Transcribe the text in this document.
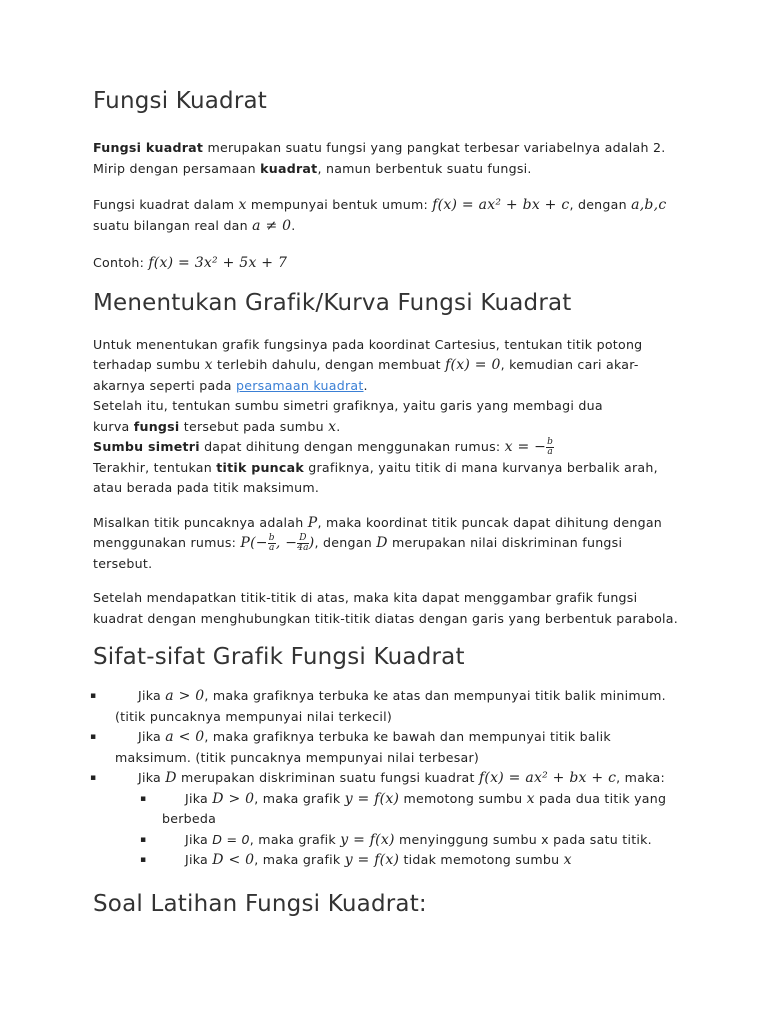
Fungsi Kuadrat

Fungsi kuadrat merupakan suatu fungsi yang pangkat terbesar variabelnya adalah 2.
Mirip dengan persamaan kuadrat, namun berbentuk suatu fungsi.

Fungsi kuadrat dalam x mempunyai bentuk umum: f(x) = ax² + bx + c, dengan a,b,c
suatu bilangan real dan a ≠ 0.

Contoh: f(x) = 3x² + 5x + 7

Menentukan Grafik/Kurva Fungsi Kuadrat

Untuk menentukan grafik fungsinya pada koordinat Cartesius, tentukan titik potong
terhadap sumbu x terlebih dahulu, dengan membuat f(x) = 0, kemudian cari akar-
akarnya seperti pada persamaan kuadrat.
Setelah itu, tentukan sumbu simetri grafiknya, yaitu garis yang membagi dua
kurva fungsi tersebut pada sumbu x.
Sumbu simetri dapat dihitung dengan menggunakan rumus: x = − $\frac{b}{a}$

Terakhir, tentukan titik puncak grafiknya, yaitu titik di mana kurvanya berbalik arah,
atau berada pada titik maksimum.

Misalkan titik puncaknya adalah P, maka koordinat titik puncak dapat dihitung dengan
menggunakan rumus: $P(- \frac{b}{a}$ , − $\frac{D}{4a}$ ), dengan D merupakan nilai diskriminan fungsi
tersebut.

Setelah mendapatkan titik-titik di atas, maka kita dapat menggambar grafik fungsi
kuadrat dengan menghubungkan titik-titik diatas dengan garis yang berbentuk parabola.

Sifat-sifat Grafik Fungsi Kuadrat
▪	Jika a > 0, maka grafiknya terbuka ke atas dan mempunyai titik balik minimum.
(titik puncaknya mempunyai nilai terkecil)
▪	Jika a < 0, maka grafiknya terbuka ke bawah dan mempunyai titik balik
maksimum. (titik puncaknya mempunyai nilai terbesar)
▪	Jika D merupakan diskriminan suatu fungsi kuadrat f(x) = ax² + bx + c, maka:
▪	Jika D > 0, maka grafik y = f(x) memotong sumbu x pada dua titik yang
berbeda
▪	Jika D = 0, maka grafik y = f(x) menyinggung sumbu x pada satu titik.
▪	Jika D < 0, maka grafik y = f(x) tidak memotong sumbu x
Soal Latihan Fungsi Kuadrat:
